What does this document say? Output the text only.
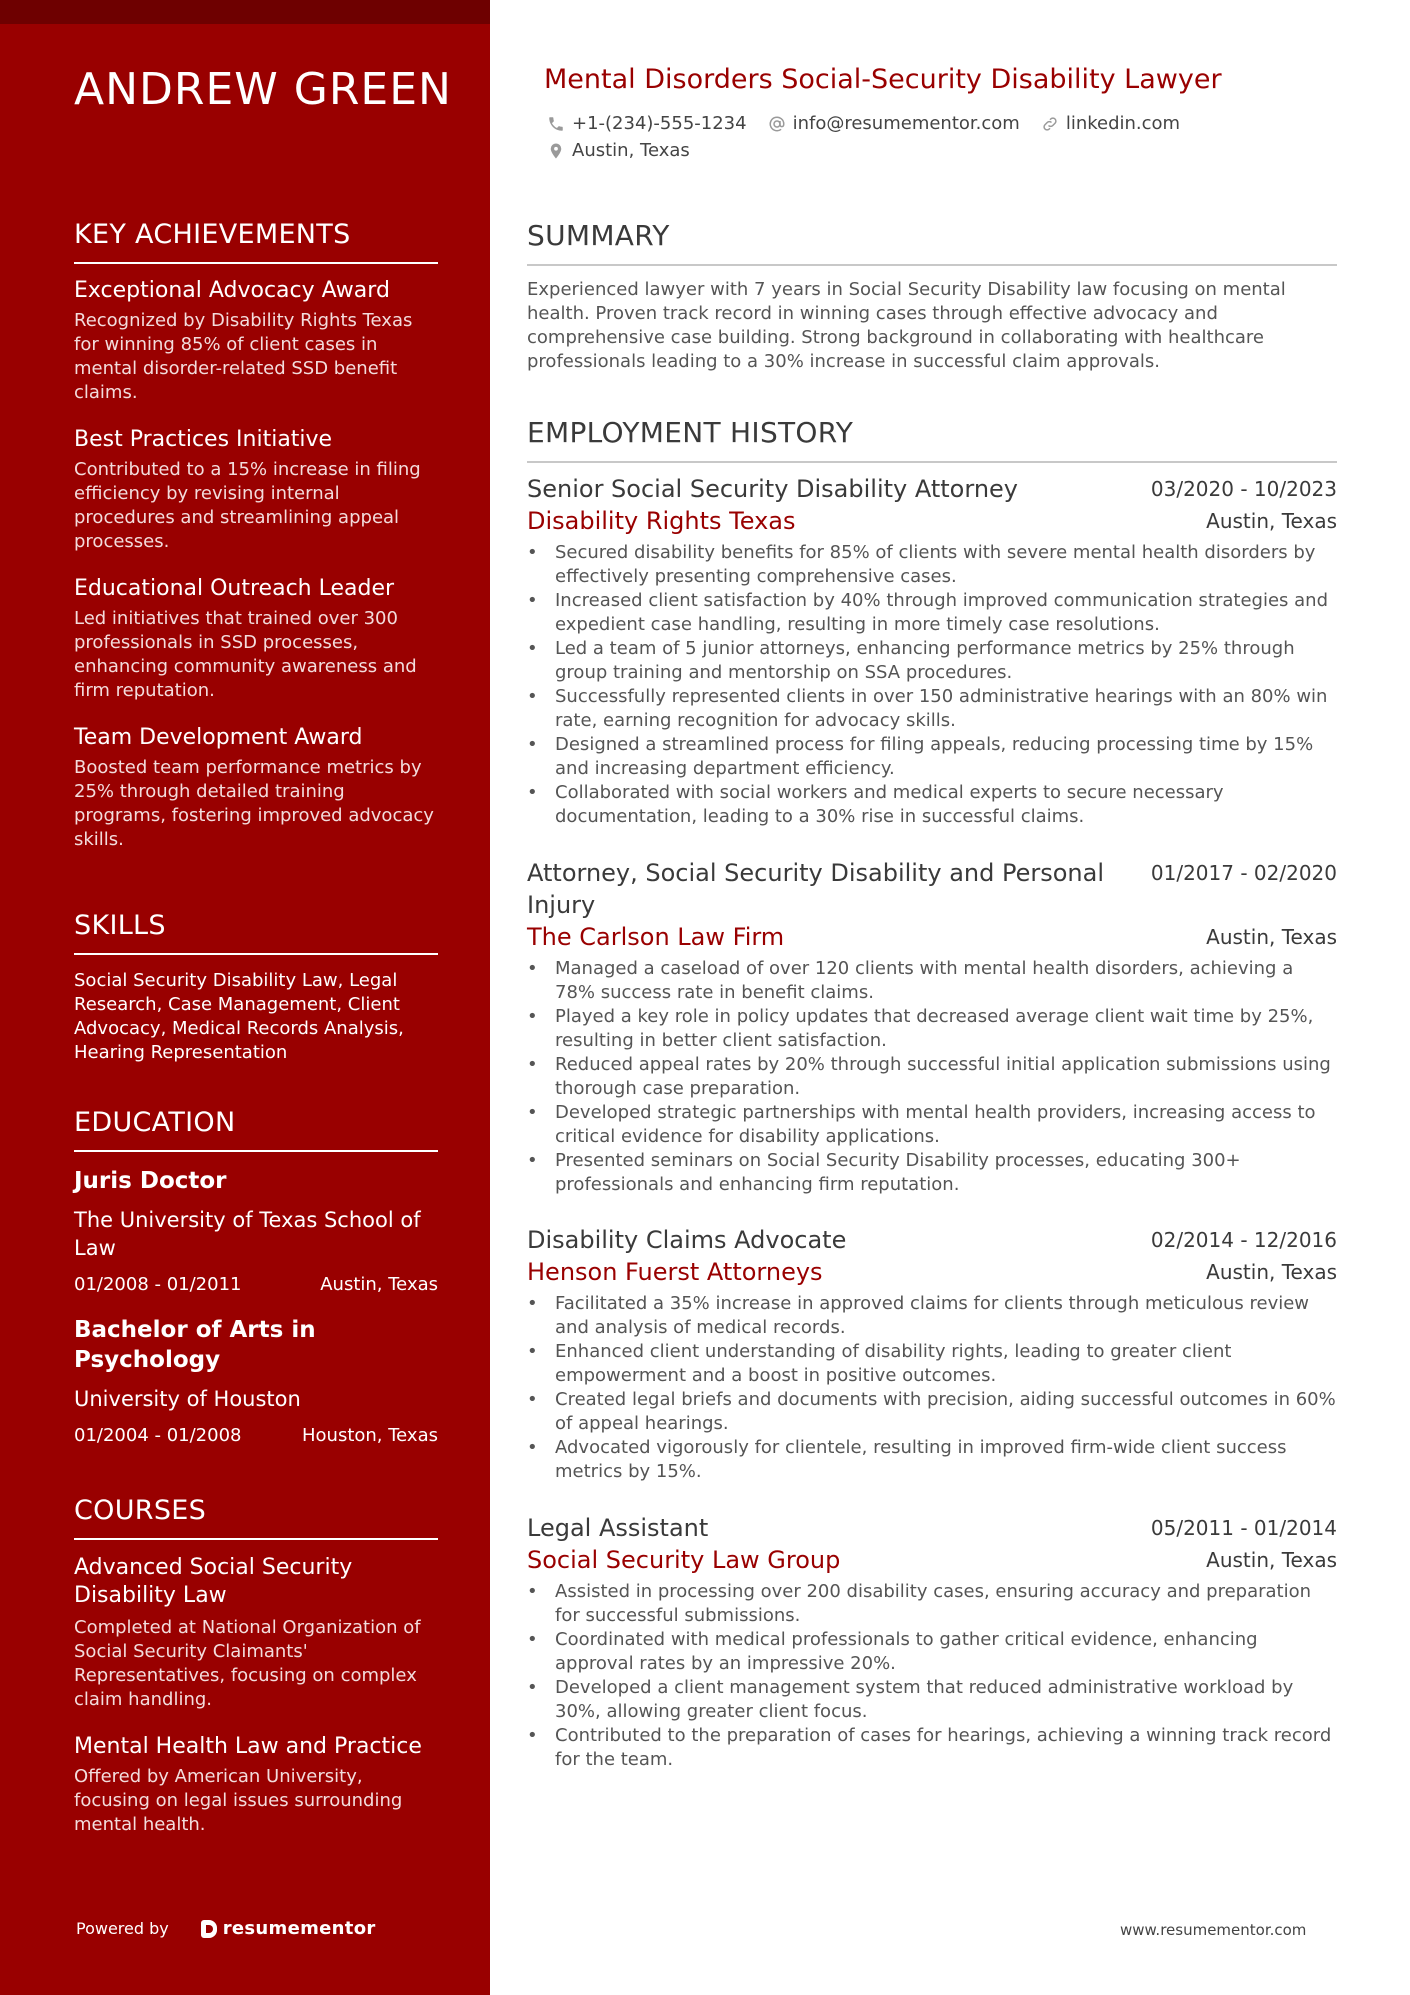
ANDREW GREEN
KEY ACHIEVEMENTS
Exceptional Advocacy Award

Recognized by Disability Rights Texas for winning 85% of client cases in mental disorder-related SSD benefit claims.

Best Practices Initiative

Contributed to a 15% increase in filing efficiency by revising internal procedures and streamlining appeal processes.

Educational Outreach Leader

Led initiatives that trained over 300 professionals in SSD processes, enhancing community awareness and firm reputation.

Team Development Award

Boosted team performance metrics by 25% through detailed training programs, fostering improved advocacy skills.

SKILLS

Social Security Disability Law, Legal Research, Case Management, Client Advocacy, Medical Records Analysis, Hearing Representation

EDUCATION
Juris Doctor
The University of Texas School of Law
01/2008 - 01/2011	Austin, Texas
Bachelor of Arts in Psychology
University of Houston
01/2004 - 01/2008	Houston, Texas
COURSES
Advanced Social Security Disability Law

Completed at National Organization of Social Security Claimants' Representatives, focusing on complex claim handling.

Mental Health Law and Practice

Offered by American University, focusing on legal issues surrounding mental health.

Powered by	resumementor
Mental Disorders Social-Security Disability Lawyer
+1-(234)-555-1234	info@resumementor.com	linkedin.com
Austin, Texas
SUMMARY

Experienced lawyer with 7 years in Social Security Disability law focusing on mental health. Proven track record in winning cases through effective advocacy and comprehensive case building. Strong background in collaborating with healthcare professionals leading to a 30% increase in successful claim approvals.

EMPLOYMENT HISTORY
Senior Social Security Disability Attorney	03/2020 - 10/2023
Disability Rights Texas	Austin, Texas
• Secured disability benefits for 85% of clients with severe mental health disorders by effectively presenting comprehensive cases.
• Increased client satisfaction by 40% through improved communication strategies and expedient case handling, resulting in more timely case resolutions.
• Led a team of 5 junior attorneys, enhancing performance metrics by 25% through group training and mentorship on SSA procedures.
• Successfully represented clients in over 150 administrative hearings with an 80% win rate, earning recognition for advocacy skills.
• Designed a streamlined process for filing appeals, reducing processing time by 15% and increasing department efficiency.
• Collaborated with social workers and medical experts to secure necessary documentation, leading to a 30% rise in successful claims.
Attorney, Social Security Disability and Personal Injury
01/2017 - 02/2020
The Carlson Law Firm	Austin, Texas
• Managed a caseload of over 120 clients with mental health disorders, achieving a 78% success rate in benefit claims.
• Played a key role in policy updates that decreased average client wait time by 25%, resulting in better client satisfaction.
• Reduced appeal rates by 20% through successful initial application submissions using thorough case preparation.
• Developed strategic partnerships with mental health providers, increasing access to critical evidence for disability applications.
• Presented seminars on Social Security Disability processes, educating 300+ professionals and enhancing firm reputation.
Disability Claims Advocate	02/2014 - 12/2016
Henson Fuerst Attorneys	Austin, Texas
• Facilitated a 35% increase in approved claims for clients through meticulous review and analysis of medical records.
• Enhanced client understanding of disability rights, leading to greater client empowerment and a boost in positive outcomes.
• Created legal briefs and documents with precision, aiding successful outcomes in 60% of appeal hearings.
• Advocated vigorously for clientele, resulting in improved firm-wide client success metrics by 15%.
Legal Assistant	05/2011 - 01/2014
Social Security Law Group	Austin, Texas
• Assisted in processing over 200 disability cases, ensuring accuracy and preparation for successful submissions.
• Coordinated with medical professionals to gather critical evidence, enhancing approval rates by an impressive 20%.
• Developed a client management system that reduced administrative workload by 30%, allowing greater client focus.
• Contributed to the preparation of cases for hearings, achieving a winning track record for the team.
www.resumementor.com
